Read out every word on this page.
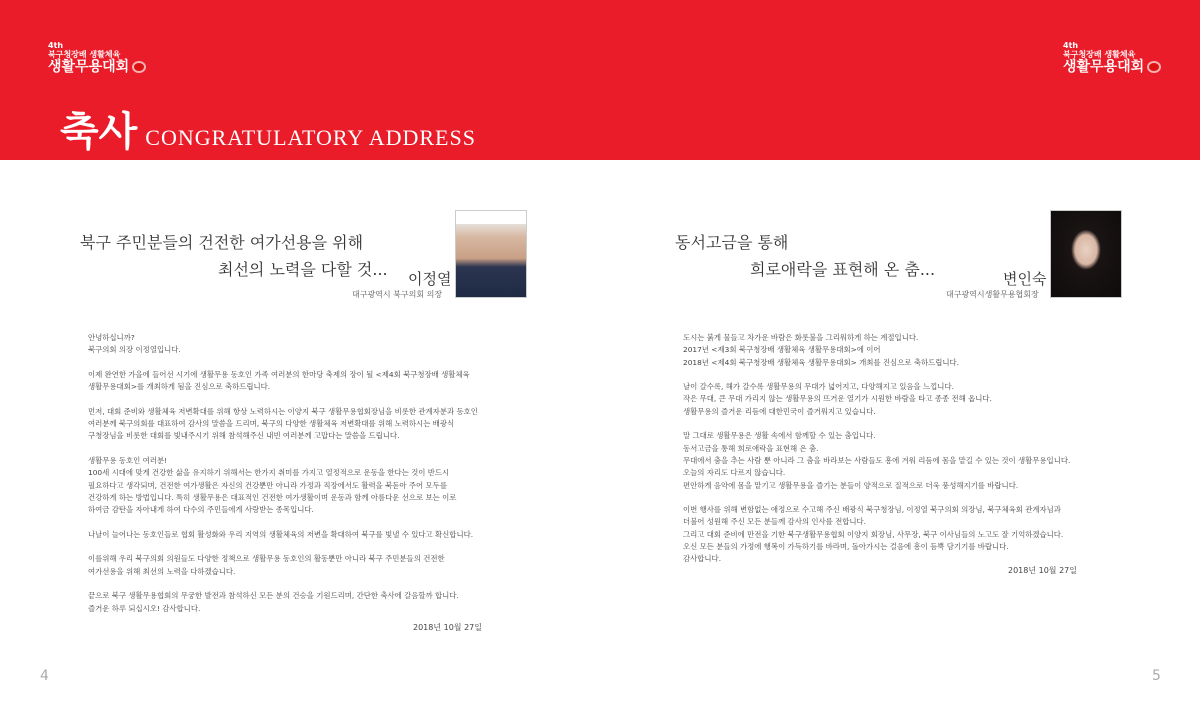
4th
북구청장배 생활체육
생활무용대회
4th
북구청장배 생활체육
생활무용대회
축사 CONGRATULATORY ADDRESS
북구 주민분들의 건전한 여가선용을 위해
최선의 노력을 다할 것... 이정열
대구광역시 북구의회 의장
안녕하십니까?
북구의회 의장 이정열입니다.

이제 완연한 가을에 들어선 시기에 생활무용 동호인 가족 여러분의 한마당 축제의 장이 될 <제4회 북구청장배 생활체육
생활무용대회>를 개최하게 됨을 진심으로 축하드립니다.

먼저, 대회 준비와 생활체육 저변확대를 위해 항상 노력하시는 이양지 북구 생활무용협회장님을 비롯한 관계자분과 동호인
여러분께 북구의회를 대표하여 감사의 말씀을 드리며, 북구의 다양한 생활체육 저변확대를 위해 노력하시는 배광식
구청장님을 비롯한 대회를 빛내주시기 위해 참석해주신 내빈 여러분께 고맙다는 말씀을 드립니다.

생활무용 동호인 여러분!
100세 시대에 맞게 건강한 삶을 유지하기 위해서는 한가지 취미를 가지고 열정적으로 운동을 한다는 것이 반드시
필요하다고 생각되며, 건전한 여가생활은 자신의 건강뿐만 아니라 가정과 직장에서도 활력을 북돋아 주어 모두를
건강하게 하는 방법입니다. 특히 생활무용은 대표적인 건전한 여가생활이며 운동과 함께 아름다운 선으로 보는 이로
하여금 감탄을 자아내게 하여 다수의 주민들에게 사랑받는 종목입니다.

나날이 늘어나는 동호인들로 협회 활성화와 우리 지역의 생활체육의 저변을 확대하여 북구를 빛낼 수 있다고 확신합니다.

이를위해 우리 북구의회 의원들도 다양한 정책으로 생활무용 동호인의 활동뿐만 아니라 북구 주민분들의 건전한
여가선용을 위해 최선의 노력을 다하겠습니다.

끝으로 북구 생활무용협회의 무궁한 발전과 참석하신 모든 분의 건승을 기원드리며, 간단한 축사에 갈음할까 합니다.
즐거운 하루 되십시오! 감사합니다.
2018년 10월 27일
4
동서고금을 통해
희로애락을 표현해 온 춤...	변인숙
대구광역시생활무용협회장
도시는 붉게 물들고 차가운 바람은 화롯불을 그리워하게 하는 계절입니다.
2017년 <제3회 북구청장배 생활체육 생활무용대회>에 이어
2018년 <제4회 북구청장배 생활체육 생활무용대회> 개최를 진심으로 축하드립니다.

날이 갈수록, 해가 갈수록 생활무용의 무대가 넓어지고, 다양해지고 있음을 느낍니다.
작은 무대, 큰 무대 가리지 않는 생활무용의 뜨거운 열기가 시원한 바람을 타고 종종 전해 옵니다.
생활무용의 즐거운 리듬에 대한민국이 즐거워지고 있습니다.

말 그대로 생활무용은 생활 속에서 함께할 수 있는 춤입니다.
동서고금을 통해 희로애락을 표현해 온 춤.
무대에서 춤을 추는 사람 뿐 아니라 그 춤을 바라보는 사람들도 흥에 겨워 리듬에 몸을 맡길 수 있는 것이 생활무용입니다.
오늘의 자리도 다르지 않습니다.
편안하게 음악에 몸을 맡기고 생활무용을 즐기는 분들이 양적으로 질적으로 더욱 풍성해지기를 바랍니다.

이번 행사를 위해 변함없는 애정으로 수고해 주신 배광식 북구청장님, 이정열 북구의회 의장님, 북구체육회 관계자님과
더불어 성원해 주신 모든 분들께 감사의 인사를 전합니다.
그리고 대회 준비에 만전을 기한 북구생활무용협회 이양지 회장님, 사무장, 북구 이사님들의 노고도 잘 기억하겠습니다.
오신 모든 분들의 가정에 행복이 가득하기를 바라며, 돌아가시는 걸음에 흥이 듬뿍 담기기를 바랍니다.
감사합니다.
2018년 10월 27일
5
